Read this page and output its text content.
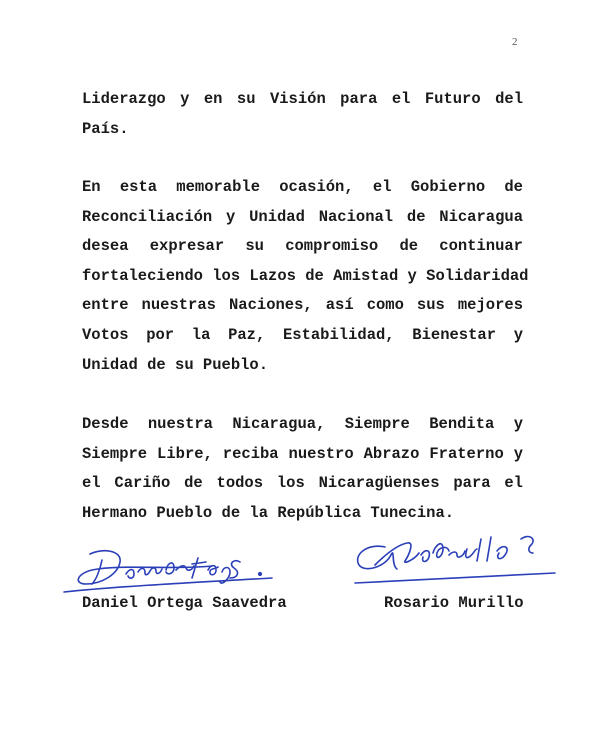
2
Liderazgo y en su Visión para el Futuro del
País.
En esta memorable ocasión, el Gobierno de
Reconciliación y Unidad Nacional de Nicaragua
desea expresar su compromiso de continuar
fortaleciendo los Lazos de Amistad y Solidaridad
entre nuestras Naciones, así como sus mejores
Votos por la Paz, Estabilidad, Bienestar y
Unidad de su Pueblo.
Desde nuestra Nicaragua, Siempre Bendita y
Siempre Libre, reciba nuestro Abrazo Fraterno y
el Cariño de todos los Nicaragüenses para el
Hermano Pueblo de la República Tunecina.
Daniel Ortega Saavedra	Rosario Murillo
